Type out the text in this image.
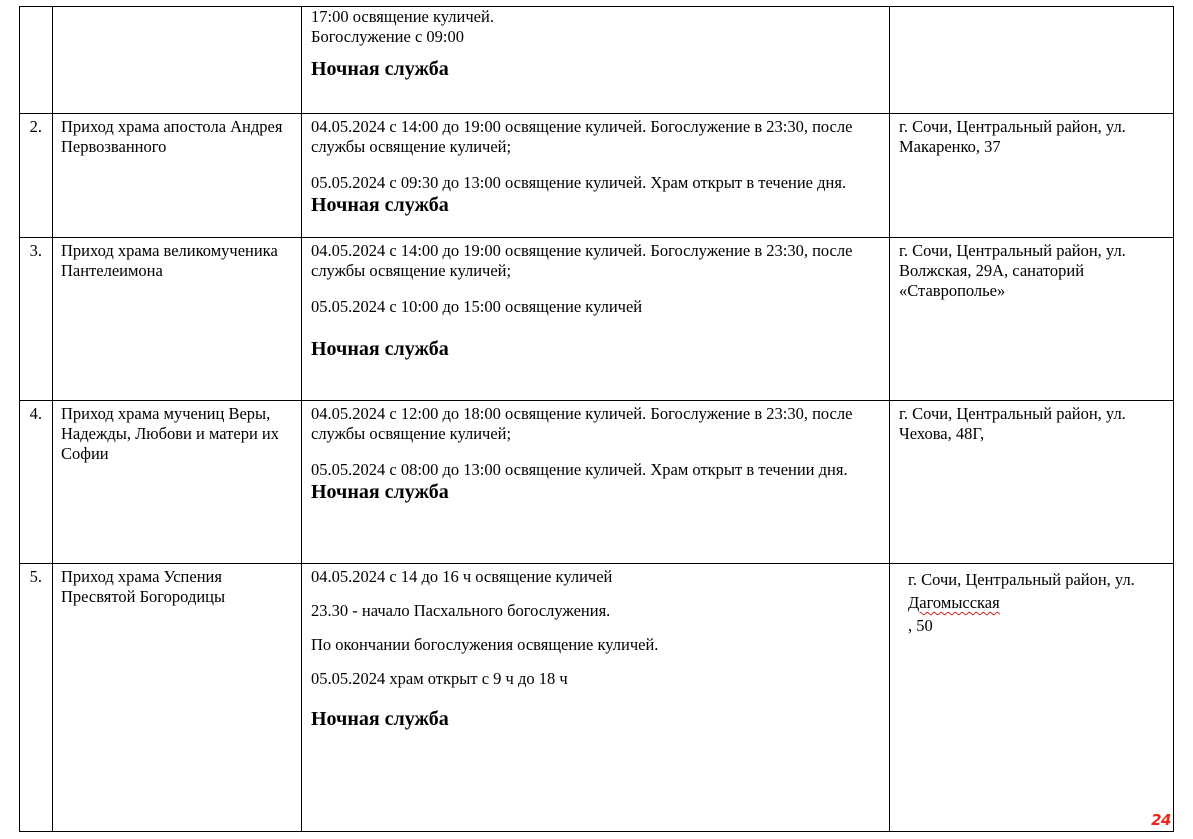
		17:00 освящение куличей.
Богослужение с 09:00
Ночная служба	

2.	Приход храма апостола Андрея Первозванного	04.05.2024 с 14:00 до 19:00 освящение куличей. Богослужение в 23:30, после службы освящение куличей;
05.05.2024 с 09:30 до 13:00 освящение куличей. Храм открыт в течение дня.
Ночная служба	г. Сочи, Центральный район, ул. Макаренко, 37

3.	Приход храма великомученика Пантелеимона	04.05.2024 с 14:00 до 19:00 освящение куличей. Богослужение в 23:30, после службы освящение куличей;
05.05.2024 с 10:00 до 15:00 освящение куличей
Ночная служба	г. Сочи, Центральный район, ул. Волжская, 29А, санаторий «Ставрополье»

4.	Приход храма мучениц Веры, Надежды, Любови и матери их Софии	04.05.2024 с 12:00 до 18:00 освящение куличей. Богослужение в 23:30, после службы освящение куличей;
05.05.2024 с 08:00 до 13:00 освящение куличей. Храм открыт в течении дня.
Ночная служба	г. Сочи, Центральный район, ул. Чехова, 48Г,

5.	Приход храма Успения Пресвятой Богородицы	04.05.2024 с 14 до 16 ч освящение куличей
23.30 - начало Пасхального богослужения.
По окончании богослужения освящение куличей.
05.05.2024 храм открыт с 9 ч до 18 ч
Ночная служба	г. Сочи, Центральный район, ул.
Дагомысская
, 50
24
